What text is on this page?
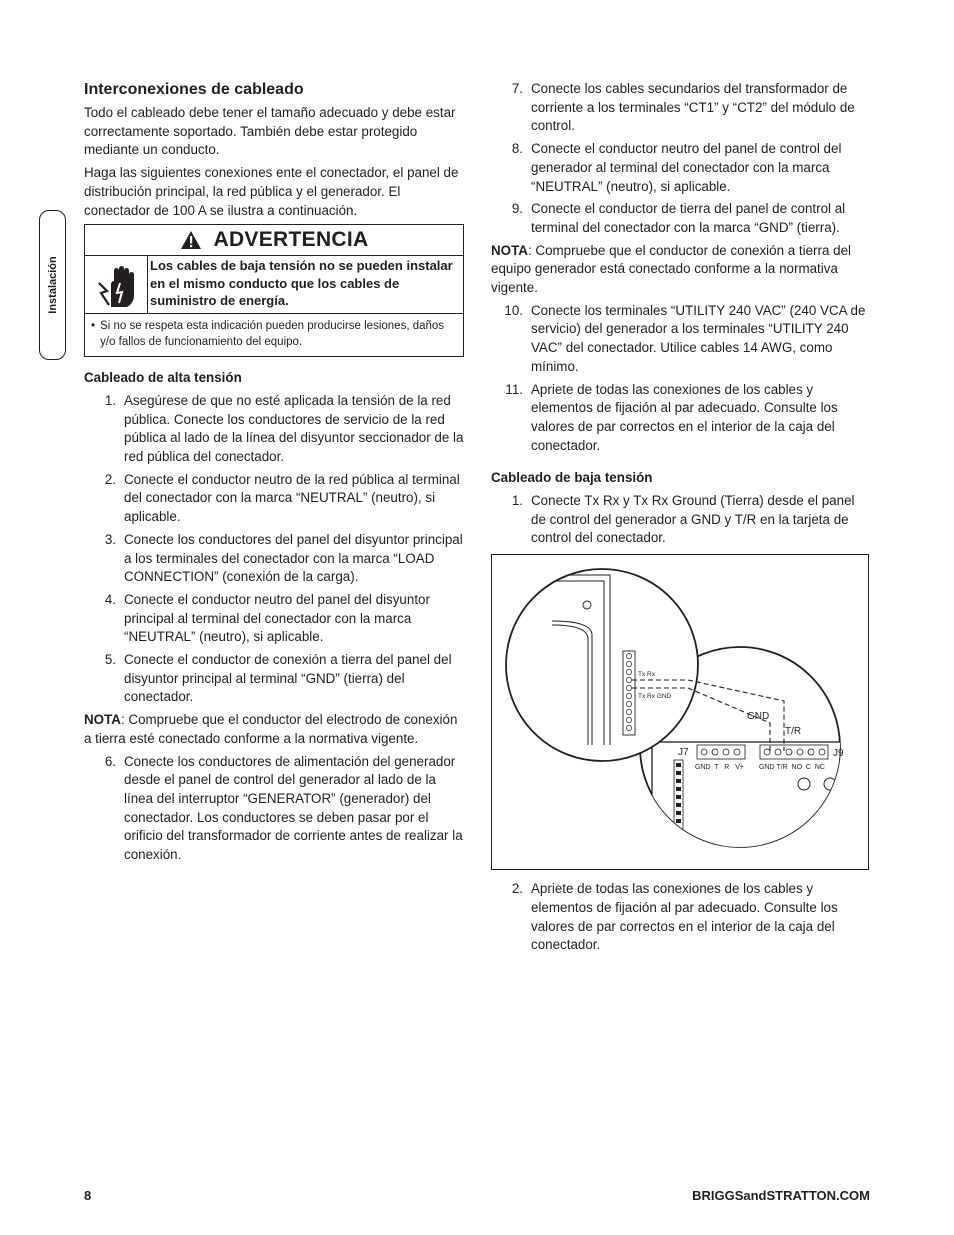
Instalación
Interconexiones de cableado

Todo el cableado debe tener el tamaño adecuado y debe estar correctamente soportado. También debe estar protegido mediante un conducto.

Haga las siguientes conexiones ente el conectador, el panel de distribución principal, la red pública y el generador. El conectador de 100 A se ilustra a continuación.

ADVERTENCIA
Los cables de baja tensión no se pueden instalar en el mismo conducto que los cables de suministro de energía.
• Si no se respeta esta indicación pueden producirse lesiones, daños y/o fallos de funcionamiento del equipo.
Cableado de alta tensión
1. Asegúrese de que no esté aplicada la tensión de la red pública. Conecte los conductores de servicio de la red pública al lado de la línea del disyuntor seccionador de la red pública del conectador.
2. Conecte el conductor neutro de la red pública al terminal del conectador con la marca “NEUTRAL” (neutro), si aplicable.
3. Conecte los conductores del panel del disyuntor principal a los terminales del conectador con la marca “LOAD CONNECTION” (conexión de la carga).
4. Conecte el conductor neutro del panel del disyuntor principal al terminal del conectador con la marca “NEUTRAL” (neutro), si aplicable.
5. Conecte el conductor de conexión a tierra del panel del disyuntor principal al terminal “GND” (tierra) del conectador.

NOTA: Compruebe que el conductor del electrodo de conexión a tierra esté conectado conforme a la normativa vigente.

6. Conecte los conductores de alimentación del generador desde el panel de control del generador al lado de la línea del interruptor “GENERATOR” (generador) del conectador. Los conductores se deben pasar por el orificio del transformador de corriente antes de realizar la conexión.
7. Conecte los cables secundarios del transformador de corriente a los terminales “CT1” y “CT2” del módulo de control.
8. Conecte el conductor neutro del panel de control del generador al terminal del conectador con la marca “NEUTRAL” (neutro), si aplicable.
9. Conecte el conductor de tierra del panel de control al terminal del conectador con la marca “GND” (tierra).

NOTA: Compruebe que el conductor de conexión a tierra del equipo generador está conectado conforme a la normativa vigente.

10. Conecte los terminales “UTILITY 240 VAC” (240 VCA de servicio) del generador a los terminales “UTILITY 240 VAC” del conectador. Utilice cables 14 AWG, como mínimo.
11. Apriete de todas las conexiones de los cables y elementos de fijación al par adecuado. Consulte los valores de par correctos en el interior de la caja del conectador.
Cableado de baja tensión
1. Conecte Tx Rx y Tx Rx Ground (Tierra) desde el panel de control del generador a GND y T/R en la tarjeta de control del conectador.
GND
T/R
J7	J9
GND  T   R   V+ GND T/R  NO  C  NC
Tx Rx
Tx Rx GND
2. Apriete de todas las conexiones de los cables y elementos de fijación al par adecuado. Consulte los valores de par correctos en el interior de la caja del conectador.
8	BRIGGSandSTRATTON.COM
